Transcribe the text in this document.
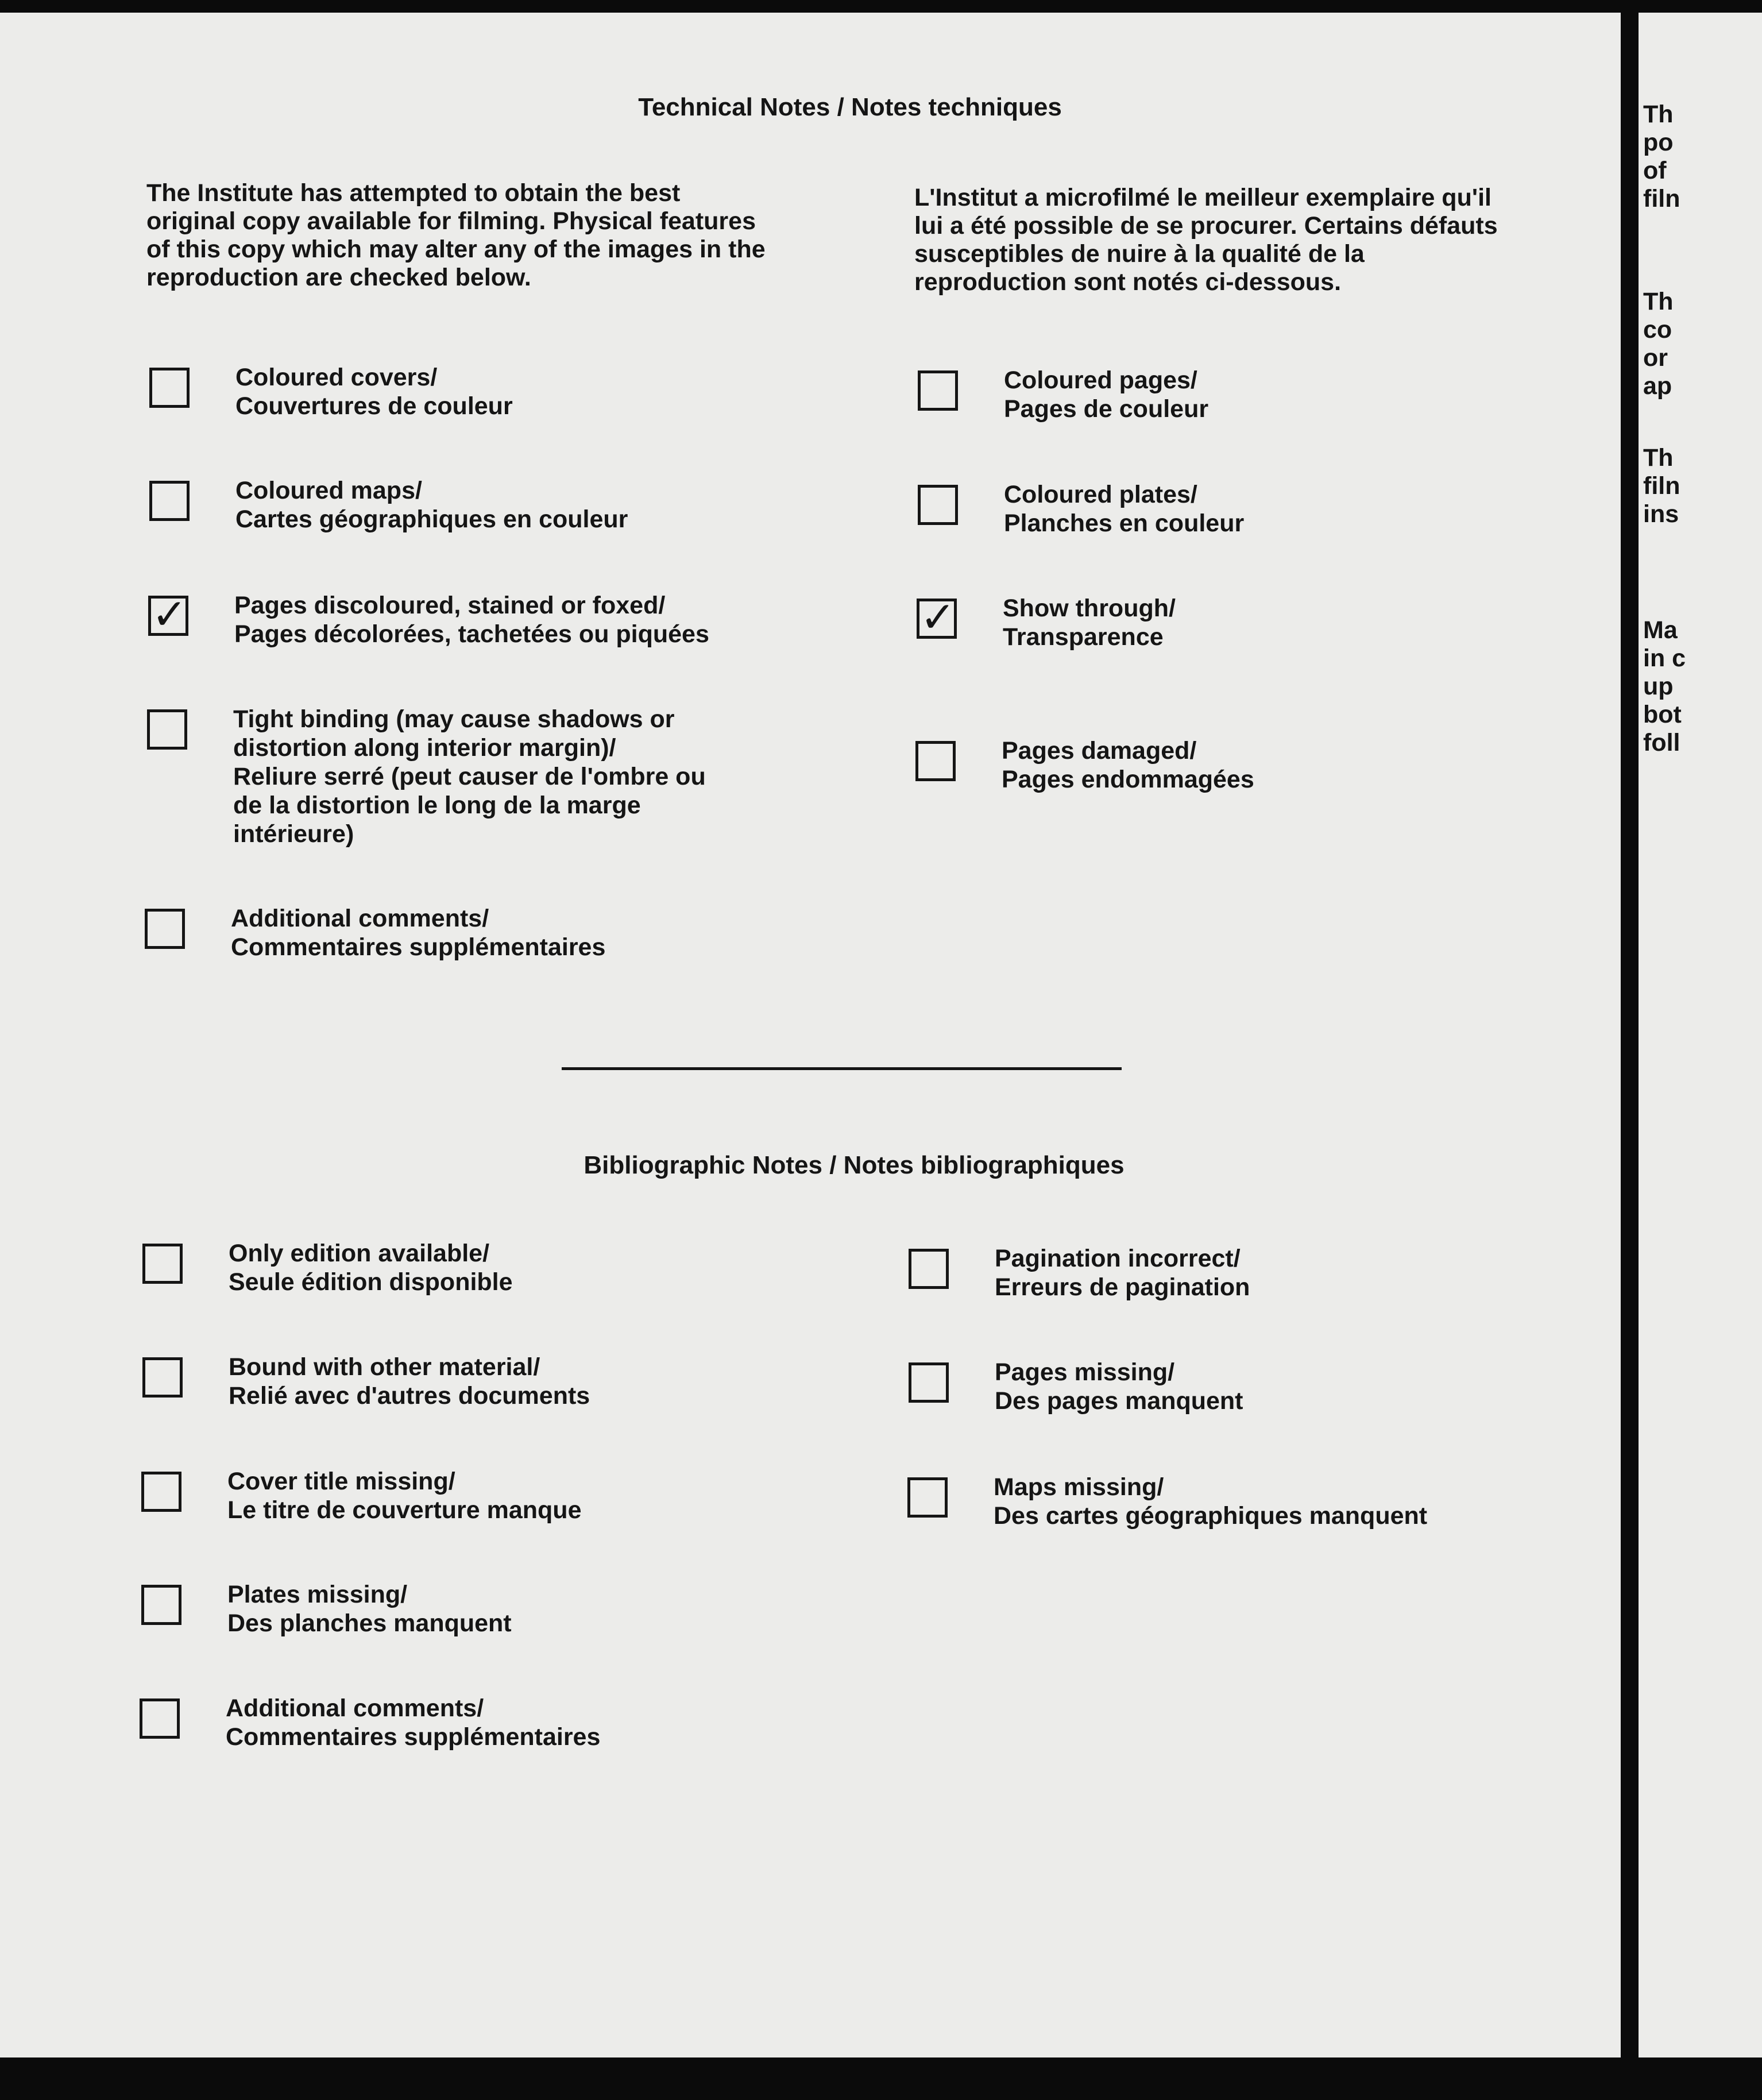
Technical Notes / Notes techniques
The Institute has attempted to obtain the best original copy available for filming. Physical features of this copy which may alter any of the images in the reproduction are checked below.
L'Institut a microfilmé le meilleur exemplaire qu'il lui a été possible de se procurer. Certains défauts susceptibles de nuire à la qualité de la reproduction sont notés ci-dessous.
Coloured covers/
Couvertures de couleur
Coloured maps/
Cartes géographiques en couleur
✓ Pages discoloured, stained or foxed/
Pages décolorées, tachetées ou piquées
Tight binding (may cause shadows or
distortion along interior margin)/
Reliure serré (peut causer de l'ombre ou
de la distortion le long de la marge
intérieure)
Additional comments/
Commentaires supplémentaires
Coloured pages/
Pages de couleur
Coloured plates/
Planches en couleur
✓ Show through/
Transparence
Pages damaged/
Pages endommagées
Bibliographic Notes / Notes bibliographiques
Only edition available/
Seule édition disponible
Bound with other material/
Relié avec d'autres documents
Cover title missing/
Le titre de couverture manque
Plates missing/
Des planches manquent
Additional comments/
Commentaires supplémentaires
Pagination incorrect/
Erreurs de pagination
Pages missing/
Des pages manquent
Maps missing/
Des cartes géographiques manquent
Th
po
of
filn
Th
co
or
ap
Th
filn
ins
Ma
in c
up
bot
foll
